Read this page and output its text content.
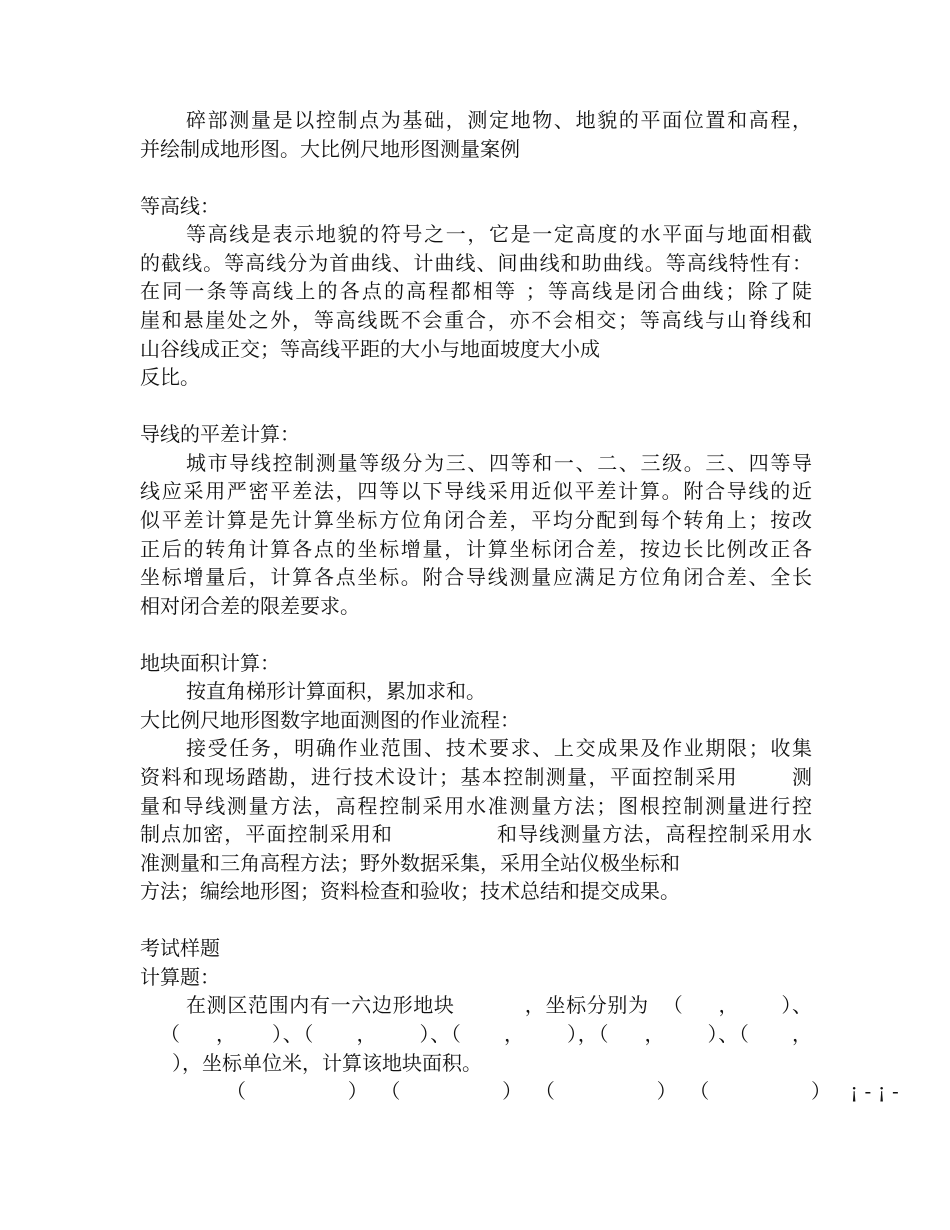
碎部测量是以控制点为基础，测定地物、地貌的平面位置和高程，
并绘制成地形图。大比例尺地形图测量案例
等高线：
等高线是表示地貌的符号之一，它是一定高度的水平面与地面相截
的截线。等高线分为首曲线、计曲线、间曲线和助曲线。等高线特性有：
在同一条等高线上的各点的高程都相等 ；等高线是闭合曲线；除了陡
崖和悬崖处之外，等高线既不会重合，亦不会相交；等高线与山脊线和
山谷线成正交；等高线平距的大小与地面坡度大小成
反比。
导线的平差计算：
城市导线控制测量等级分为三、四等和一、二、三级。三、四等导
线应采用严密平差法，四等以下导线采用近似平差计算。附合导线的近
似平差计算是先计算坐标方位角闭合差，平均分配到每个转角上；按改
正后的转角计算各点的坐标增量，计算坐标闭合差，按边长比例改正各
坐标增量后，计算各点坐标。附合导线测量应满足方位角闭合差、全长
相对闭合差的限差要求。
地块面积计算：
按直角梯形计算面积，累加求和。
大比例尺地形图数字地面测图的作业流程：
接受任务，明确作业范围、技术要求、上交成果及作业期限；收集
资料和现场踏勘，进行技术设计；基本控制测量，平面控制采用       测
量和导线测量方法，高程控制采用水准测量方法；图根控制测量进行控
制点加密，平面控制采用和              和导线测量方法，高程控制采用水
准测量和三角高程方法；野外数据采集，采用全站仪极坐标和
方法；编绘地形图；资料检查和验收；技术总结和提交成果。
考试样题
计算题：
在测区范围内有一六边形地块          ，坐标分别为  （     ，      ）、
（     ，     ）、（      ，      ）、（      ，      ），（     ，      ）、（      ，
），坐标单位米，计算该地块面积。
（                ）  （                ）  （                ）  （                ）   ¡ - ¡ -
